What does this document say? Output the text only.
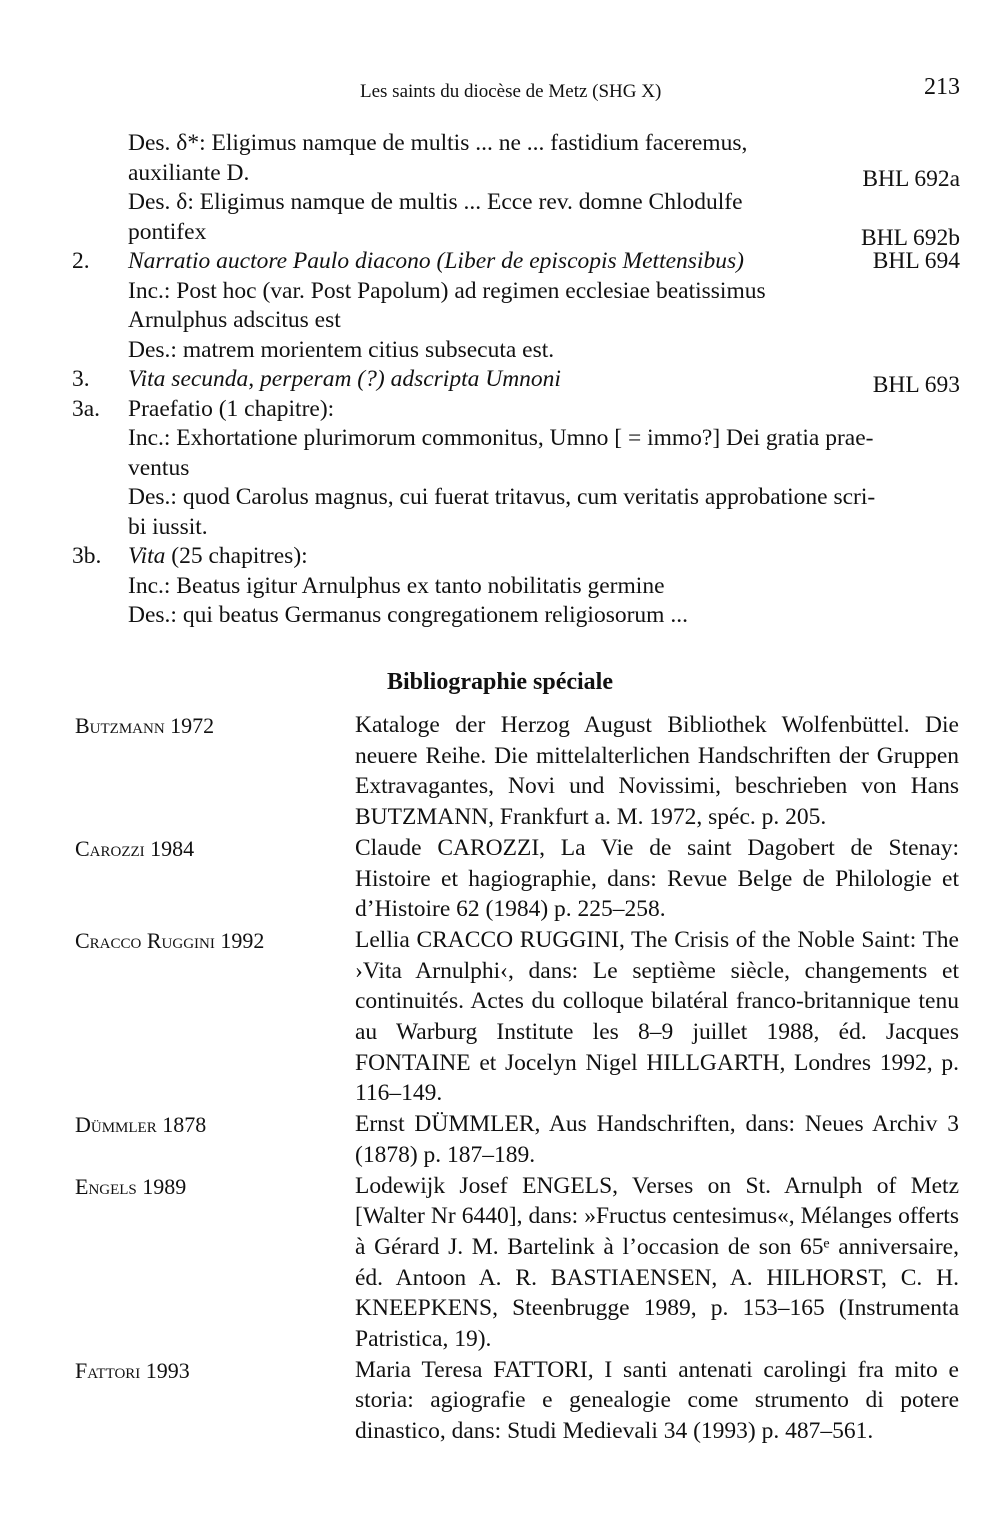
Les saints du diocèse de Metz (SHG X)	213
Des. δ*: Eligimus namque de multis ... ne ... fastidium faceremus,
auxiliante D.	BHL 692a
Des. δ: Eligimus namque de multis ... Ecce rev. domne Chlodulfe
pontifex	BHL 692b
2. Narratio auctore Paulo diacono (Liber de episcopis Mettensibus)	BHL 694
Inc.: Post hoc (var. Post Papolum) ad regimen ecclesiae beatissimus
Arnulphus adscitus est
Des.: matrem morientem citius subsecuta est.
3. Vita secunda, perperam (?) adscripta Umnoni	BHL 693
3a. Praefatio (1 chapitre):
Inc.: Exhortatione plurimorum commonitus, Umno [ = immo?] Dei gratia prae-
ventus
Des.: quod Carolus magnus, cui fuerat tritavus, cum veritatis approbatione scri-
bi iussit.
3b. Vita (25 chapitres):
Inc.: Beatus igitur Arnulphus ex tanto nobilitatis germine
Des.: qui beatus Germanus congregationem religiosorum ...
Bibliographie spéciale
Butzmann 1972	Kataloge der Herzog August Bibliothek Wolfenbüttel. Die neuere Reihe. Die mittelalterlichen Handschriften der Gruppen Extravagantes, Novi und Novissimi, beschrieben von Hans BUTZMANN, Frankfurt a. M. 1972, spéc. p. 205.
Carozzi 1984	Claude CAROZZI, La Vie de saint Dagobert de Stenay: Histoire et hagiographie, dans: Revue Belge de Philologie et d’Histoire 62 (1984) p. 225–258.
Cracco Ruggini 1992	Lellia CRACCO RUGGINI, The Crisis of the Noble Saint: The ›Vita Arnulphi‹, dans: Le septième siècle, changements et continuités. Actes du colloque bilatéral franco-britannique tenu au Warburg Institute les 8–9 juillet 1988, éd. Jacques FONTAINE et Jocelyn Nigel HILLGARTH, Londres 1992, p. 116–149.
Dümmler 1878	Ernst DÜMMLER, Aus Handschriften, dans: Neues Archiv 3 (1878) p. 187–189.
Engels 1989	Lodewijk Josef ENGELS, Verses on St. Arnulph of Metz [Walter Nr 6440], dans: »Fructus centesimus«, Mélanges offerts à Gérard J. M. Bartelink à l’occasion de son 65ᵉ anniversaire, éd. Antoon A. R. BASTIAENSEN, A. HILHORST, C. H. KNEEPKENS, Steenbrugge 1989, p. 153–165 (Instrumenta Patristica, 19).
Fattori 1993	Maria Teresa FATTORI, I santi antenati carolingi fra mito e storia: agiografie e genealogie come strumento di potere dinastico, dans: Studi Medievali 34 (1993) p. 487–561.
